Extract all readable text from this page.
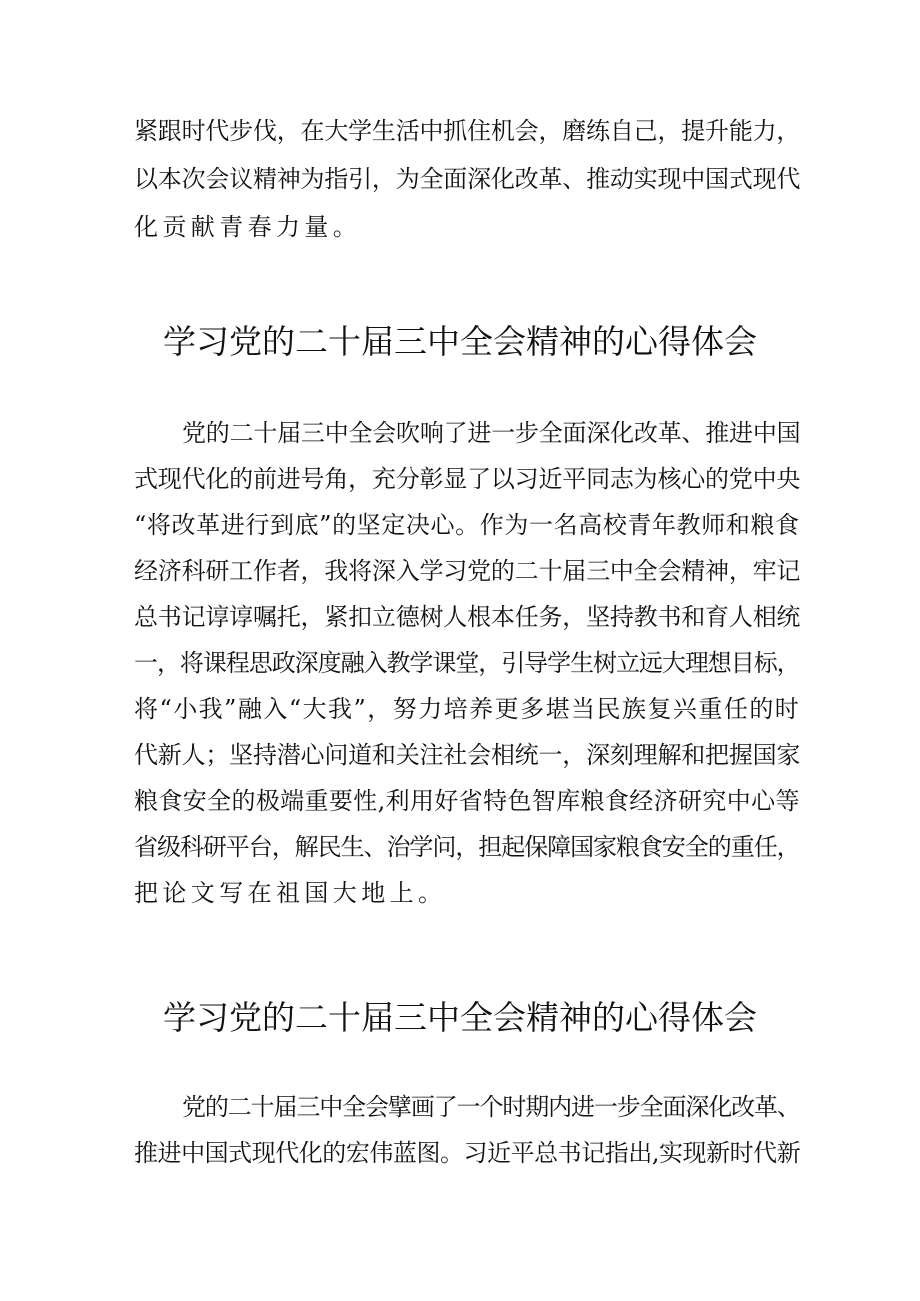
紧跟时代步伐，在大学生活中抓住机会，磨练自己，提升能力，
以本次会议精神为指引，为全面深化改革、推动实现中国式现代
化贡献青春力量。
学习党的二十届三中全会精神的心得体会
党的二十届三中全会吹响了进一步全面深化改革、推进中国
式现代化的前进号角，充分彰显了以习近平同志为核心的党中央
“将改革进行到底”的坚定决心。作为一名高校青年教师和粮食
经济科研工作者，我将深入学习党的二十届三中全会精神，牢记
总书记谆谆嘱托，紧扣立德树人根本任务，坚持教书和育人相统
一，将课程思政深度融入教学课堂，引导学生树立远大理想目标，
将“小我”融入“大我”，努力培养更多堪当民族复兴重任的时
代新人；坚持潜心问道和关注社会相统一，深刻理解和把握国家
粮食安全的极端重要性,利用好省特色智库粮食经济研究中心等
省级科研平台，解民生、治学问，担起保障国家粮食安全的重任，
把论文写在祖国大地上。
学习党的二十届三中全会精神的心得体会
党的二十届三中全会擘画了一个时期内进一步全面深化改革、
推进中国式现代化的宏伟蓝图。习近平总书记指出,实现新时代新
